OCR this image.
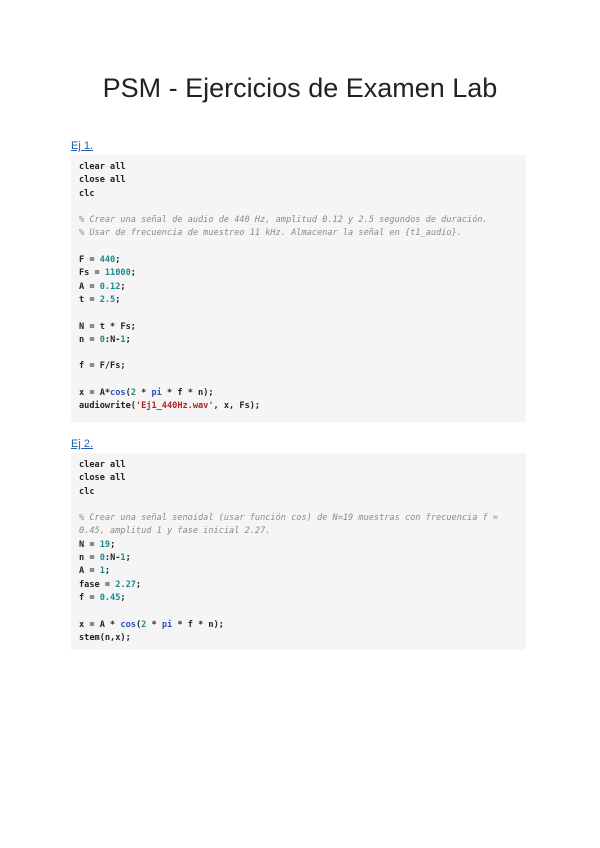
PSM - Ejercicios de Examen Lab
Ej 1.
clear all
close all
clc

% Crear una señal de audio de 440 Hz, amplitud 0.12 y 2.5 segundos de duración.
% Usar de frecuencia de muestreo 11 kHz. Almacenar la señal en {t1_audio}.

F = 440;
Fs = 11000;
A = 0.12;
t = 2.5;

N = t * Fs;
n = 0:N-1;

f = F/Fs;

x = A*cos(2 * pi * f * n);
audiowrite('Ej1_440Hz.wav', x, Fs);
Ej 2.
clear all
close all
clc

% Crear una señal senoidal (usar función cos) de N=19 muestras con frecuencia f = 0.45, amplitud 1 y fase inicial 2.27.
N = 19;
n = 0:N-1;
A = 1;
fase = 2.27;
f = 0.45;

x = A * cos(2 * pi * f * n);
stem(n,x);
